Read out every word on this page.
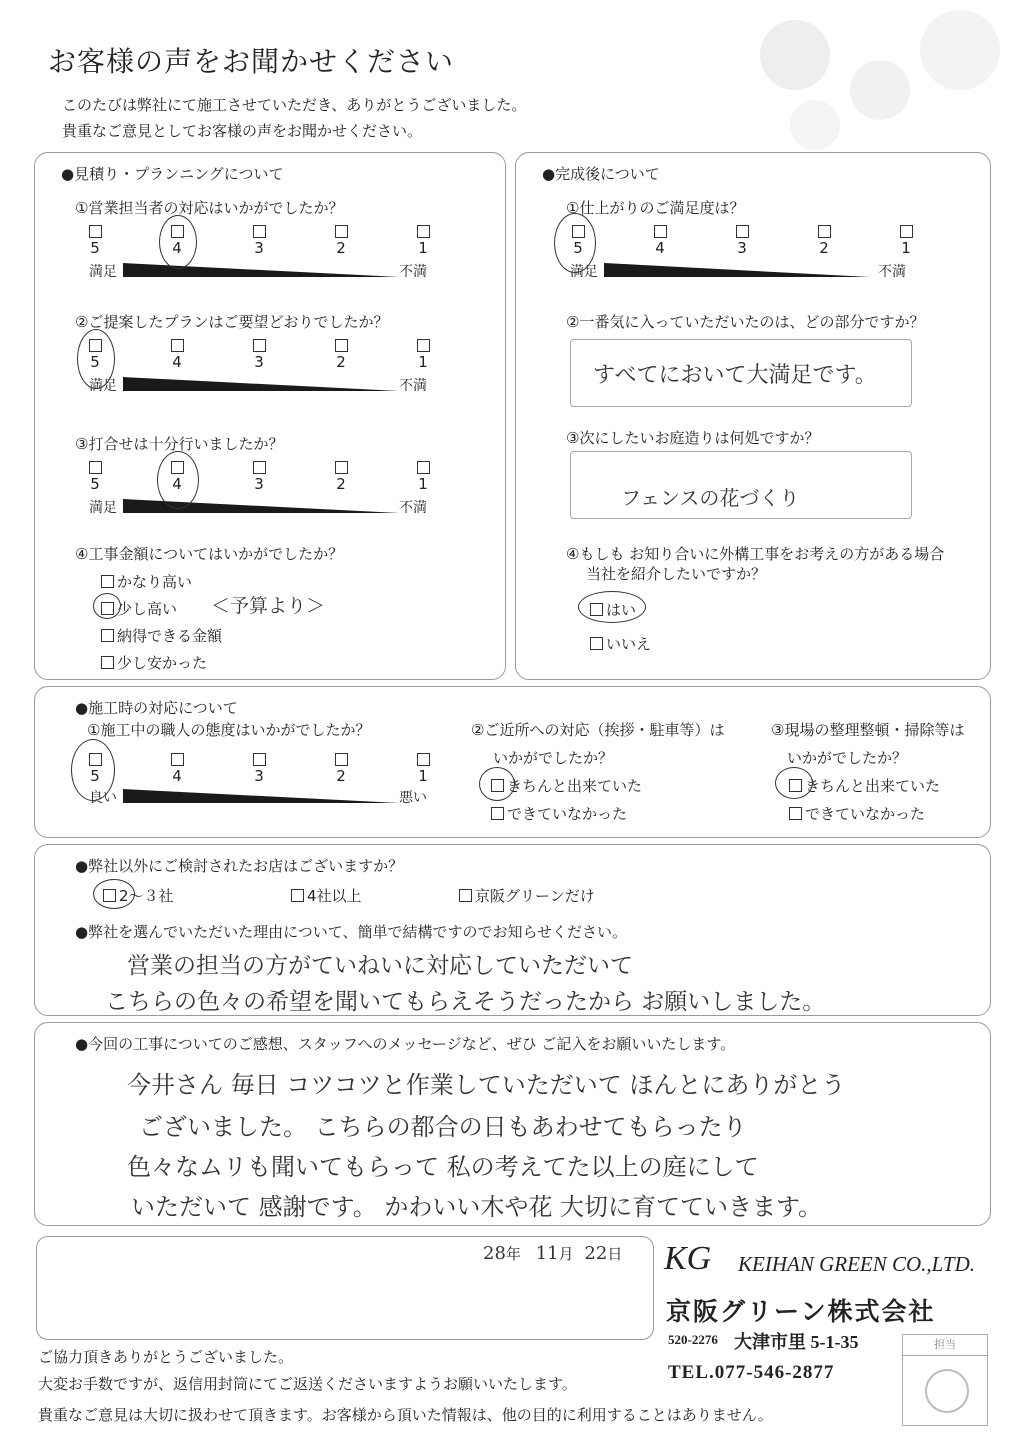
お客様の声をお聞かせください
このたびは弊社にて施工させていただき、ありがとうございました。
貴重なご意見としてお客様の声をお聞かせください。
●見積り・プランニングについて
①営業担当者の対応はいかがでしたか？
5	4	3	2	1
満足	不満
②ご提案したプランはご要望どおりでしたか？
5	4	3	2	1
満足	不満
③打合せは十分行いましたか？
5	4	3	2	1
満足	不満
④工事金額についてはいかがでしたか？
かなり高い
少し高い ＜予算より＞
納得できる金額
少し安かった
●完成後について
①仕上がりのご満足度は？
5	4	3	2	1
満足	不満
②一番気に入っていただいたのは、どの部分ですか？
すべてにおいて大満足です。
③次にしたいお庭造りは何処ですか？
フェンスの花づくり
④もしも お知り合いに外構工事をお考えの方がある場合
当社を紹介したいですか？
はい
いいえ
●施工時の対応について
①施工中の職人の態度はいかがでしたか？
5	4	3	2	1
良い	悪い
②ご近所への対応（挨拶・駐車等）は
いかがでしたか？
きちんと出来ていた
できていなかった
③現場の整理整頓・掃除等は
いかがでしたか？
きちんと出来ていた
できていなかった
●弊社以外にご検討されたお店はございますか？
2～３社	4社以上	京阪グリーンだけ
●弊社を選んでいただいた理由について、簡単で結構ですのでお知らせください。
営業の担当の方がていねいに対応していただいて
こちらの色々の希望を聞いてもらえそうだったから お願いしました。
●今回の工事についてのご感想、スタッフへのメッセージなど、ぜひ ご記入をお願いいたします。
今井さん 毎日 コツコツと作業していただいて ほんとにありがとう
ございました。 こちらの都合の日もあわせてもらったり
色々なムリも聞いてもらって 私の考えてた以上の庭にして
いただいて 感謝です。 かわいい木や花 大切に育てていきます。
28年 11月 22日 KG KEIHAN GREEN CO.,LTD.
京阪グリーン株式会社
520-2276 大津市里 5-1-35
TEL.077-546-2877
担当
ご協力頂きありがとうございました。
大変お手数ですが、返信用封筒にてご返送くださいますようお願いいたします。
貴重なご意見は大切に扱わせて頂きます。お客様から頂いた情報は、他の目的に利用することはありません。
